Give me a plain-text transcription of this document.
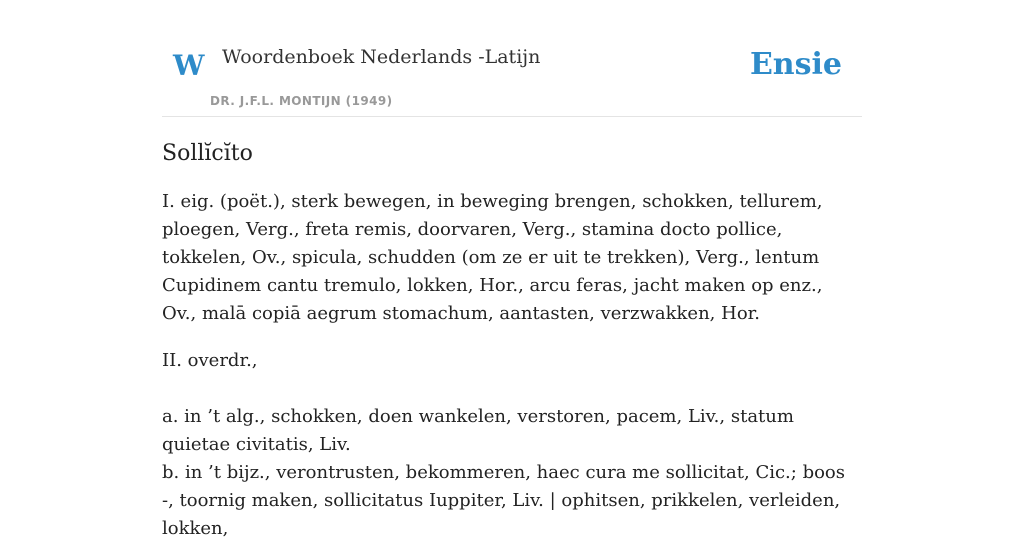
W Woordenboek Nederlands -Latijn
DR. J.F.L. MONTIJN (1949)
Ensie
Sollĭcĭto

I. eig. (poët.), sterk bewegen, in beweging brengen, schokken, tellurem, ploegen, Verg., freta remis, doorvaren, Verg., stamina docto pollice, tokkelen, Ov., spicula, schudden (om ze er uit te trekken), Verg., lentum Cupidinem cantu tremulo, lokken, Hor., arcu feras, jacht maken op enz., Ov., malā copiā aegrum stomachum, aantasten, verzwakken, Hor.

II. overdr.,

a. in ’t alg., schokken, doen wankelen, verstoren, pacem, Liv., statum quietae civitatis, Liv.

b. in ’t bijz., verontrusten, bekommeren, haec cura me sollicitat, Cic.; boos -, toornig maken, sollicitatus Iuppiter, Liv. | ophitsen, prikkelen, verleiden, lokken,
